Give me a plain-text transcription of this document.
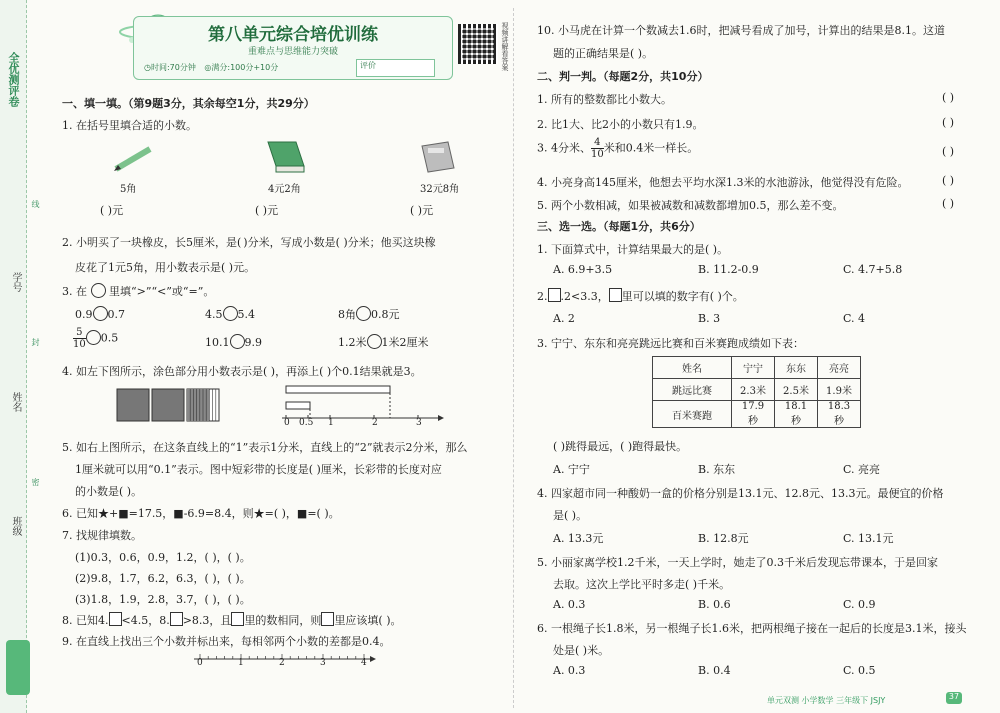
全优测评卷
线
学号
封
姓名
密
班级
第八单元综合培优训练
重难点与思维能力突破
◷时间:70分钟 ◎满分:100分+10分	评价	视频讲解看答案
一、填一填。（第9题3分，其余每空1分，共29分）
1. 在括号里填合适的小数。
5角	4元2角	32元8角
( )元	( )元	( )元
2. 小明买了一块橡皮，长5厘米，是( )分米，写成小数是( )分米；他买这块橡
皮花了1元5角，用小数表示是( )元。
3. 在 里填“>”“<”或“=”。
0.9 0.7	4.5 5.4	8角 0.8元
$\frac{5}{10} 0.5$	10.1 9.9	1.2米 1米2厘米
4. 如左下图所示，涂色部分用小数表示是( )，再添上( )个0.1结果就是3。
0 0.5 1	2	3
5. 如右上图所示，在这条直线上的“1”表示1分米，直线上的“2”就表示2分米，那么
1厘米就可以用“0.1”表示。图中短彩带的长度是( )厘米，长彩带的长度对应
的小数是( )。
6. 已知★+■=17.5，■-6.9=8.4，则★=( )，■=( )。
7. 找规律填数。
(1)0.3，0.6，0.9，1.2，( )，( )。
(2)9.8，1.7，6.2，6.3，( )，( )。
(3)1.8，1.9，2.8，3.7，( )，( )。
8. 已知4. <4.5，8. >8.3，且 里的数相同，则 里应该填( )。
9. 在直线上找出三个小数并标出来，每相邻两个小数的差都是0.4。
0	1	2	3	4
10. 小马虎在计算一个数减去1.6时，把减号看成了加号，计算出的结果是8.1。这道
题的正确结果是( )。
二、判一判。（每题2分，共10分）
1. 所有的整数都比小数大。
2. 比1大、比2小的小数只有1.9。
3. 4分米、 $\frac{4}{10}$ 米和0.4米一样长。
4. 小亮身高145厘米，他想去平均水深1.3米的水池游泳，他觉得没有危险。
5. 两个小数相减，如果被减数和减数都增加0.5，那么差不变。
( )
( )
( )
( )
( )
三、选一选。（每题1分，共6分）
1. 下面算式中，计算结果最大的是( )。
A. 6.9+3.5	B. 11.2-0.9	C. 4.7+5.8
2. .2<3.3， 里可以填的数字有( )个。
A. 2	B. 3	C. 4
3. 宁宁、东东和亮亮跳远比赛和百米赛跑成绩如下表：
姓名	宁宁	东东	亮亮
跳远比赛	2.3米	2.5米	1.9米
百米赛跑	17.9秒	18.1秒	18.3秒
( )跳得最远，( )跑得最快。
A. 宁宁	B. 东东	C. 亮亮
4. 四家超市同一种酸奶一盒的价格分别是13.1元、12.8元、13.3元。最便宜的价格
是( )。
A. 13.3元	B. 12.8元	C. 13.1元
5. 小丽家离学校1.2千米，一天上学时，她走了0.3千米后发现忘带课本，于是回家
去取。这次上学比平时多走( )千米。
A. 0.3	B. 0.6	C. 0.9
6. 一根绳子长1.8米，另一根绳子长1.6米，把两根绳子接在一起后的长度是3.1米，接头
处是( )米。
A. 0.3	B. 0.4	C. 0.5
单元双测 小学数学 三年级下 JSJY	37
